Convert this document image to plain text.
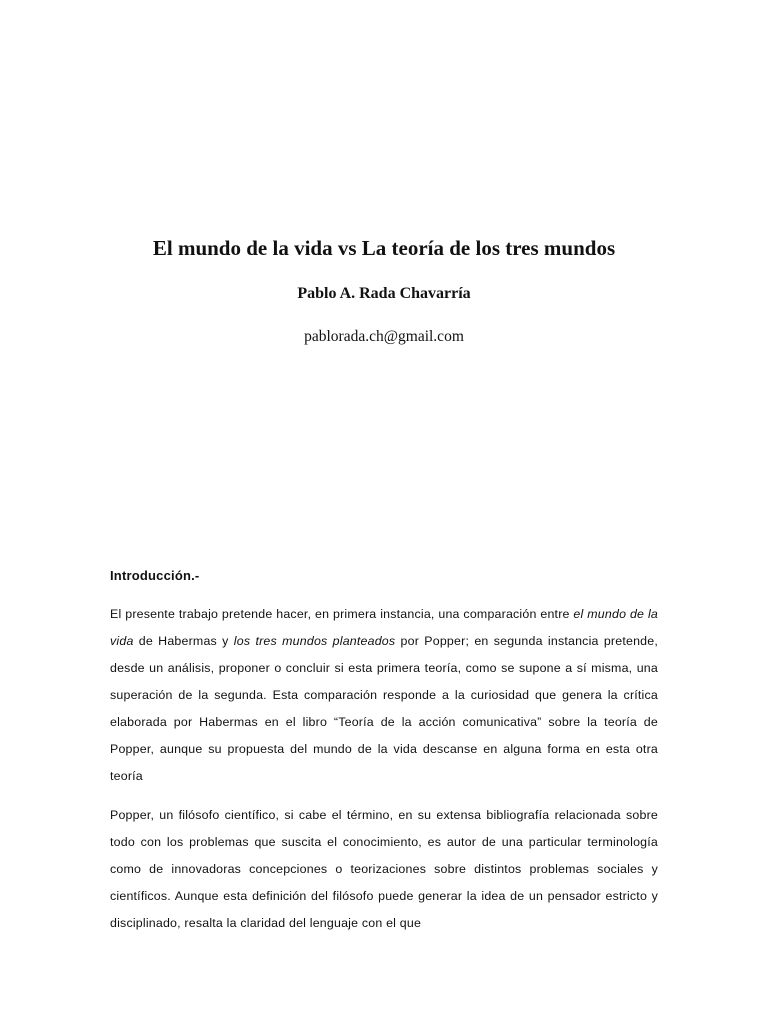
El mundo de la vida vs La teoría de los tres mundos
Pablo A. Rada Chavarría
pablorada.ch@gmail.com
Introducción.-

El presente trabajo pretende hacer, en primera instancia, una comparación entre el mundo de la vida de Habermas y los tres mundos planteados por Popper; en segunda instancia pretende, desde un análisis, proponer o concluir si esta primera teoría, como se supone a sí misma, una superación de la segunda. Esta comparación responde a la curiosidad que genera la crítica elaborada por Habermas en el libro “Teoría de la acción comunicativa” sobre la teoría de Popper, aunque su propuesta del mundo de la vida descanse en alguna forma en esta otra teoría

Popper, un filósofo científico, si cabe el término, en su extensa bibliografía relacionada sobre todo con los problemas que suscita el conocimiento, es autor de una particular terminología como de innovadoras concepciones o teorizaciones sobre distintos problemas sociales y científicos. Aunque esta definición del filósofo puede generar la idea de un pensador estricto y disciplinado, resalta la claridad del lenguaje con el que
